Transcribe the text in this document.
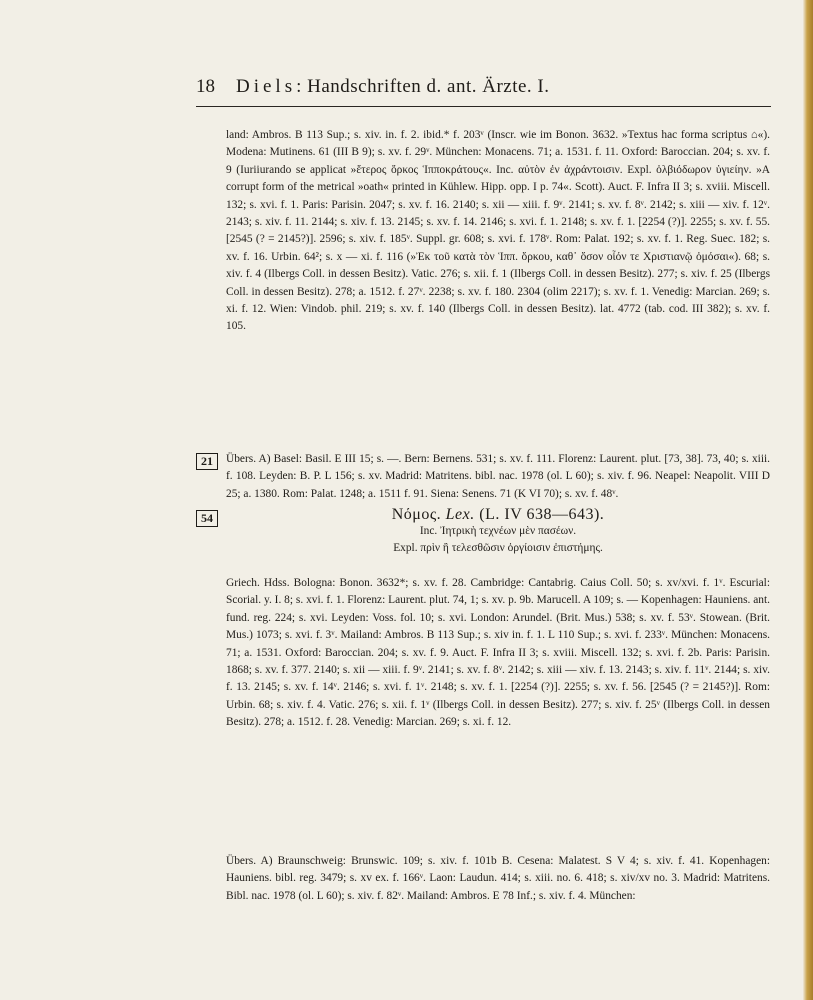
18 Diels: Handschriften d. ant. Ärzte. I.

land: Ambros. B 113 Sup.; s. xiv. in. f. 2. ibid.* f. 203ᵛ (Inscr. wie im Bonon. 3632. »Textus hac forma scriptus ⌂«). Modena: Mutinens. 61 (III B 9); s. xv. f. 29ᵛ. München: Monacens. 71; a. 1531. f. 11. Oxford: Baroccian. 204; s. xv. f. 9 (Iuriiurando se applicat »ἕτερος ὅρκος Ἱπποκράτους«. Inc. αὐτὸν ἐν ἀχράντοισιν. Expl. ὀλβιόδωρον ὑγιείην. »A corrupt form of the metrical »oath« printed in Kühlew. Hipp. opp. I p. 74«. Scott). Auct. F. Infra II 3; s. xviii. Miscell. 132; s. xvi. f. 1. Paris: Parisin. 2047; s. xv. f. 16. 2140; s. xii — xiii. f. 9ᵛ. 2141; s. xv. f. 8ᵛ. 2142; s. xiii — xiv. f. 12ᵛ. 2143; s. xiv. f. 11. 2144; s. xiv. f. 13. 2145; s. xv. f. 14. 2146; s. xvi. f. 1. 2148; s. xv. f. 1. [2254 (?)]. 2255; s. xv. f. 55. [2545 (? = 2145?)]. 2596; s. xiv. f. 185ᵛ. Suppl. gr. 608; s. xvi. f. 178ᵛ. Rom: Palat. 192; s. xv. f. 1. Reg. Suec. 182; s. xv. f. 16. Urbin. 64²; s. x — xi. f. 116 (»Ἐκ τοῦ κατὰ τὸν Ἱππ. ὅρκου, καθ᾽ ὅσον οἷόν τε Χριστιανῷ ὀμόσαι«). 68; s. xiv. f. 4 (Ilbergs Coll. in dessen Besitz). Vatic. 276; s. xii. f. 1 (Ilbergs Coll. in dessen Besitz). 277; s. xiv. f. 25 (Ilbergs Coll. in dessen Besitz). 278; a. 1512. f. 27ᵛ. 2238; s. xv. f. 180. 2304 (olim 2217); s. xv. f. 1. Venedig: Marcian. 269; s. xi. f. 12. Wien: Vindob. phil. 219; s. xv. f. 140 (Ilbergs Coll. in dessen Besitz). lat. 4772 (tab. cod. III 382); s. xv. f. 105.

21	Übers. A) Basel: Basil. E III 15; s. —. Bern: Bernens. 531; s. xv. f. 111. Florenz: Laurent. plut. [73, 38]. 73, 40; s. xiii. f. 108. Leyden: B. P. L 156; s. xv. Madrid: Matritens. bibl. nac. 1978 (ol. L 60); s. xiv. f. 96. Neapel: Neapolit. VIII D 25; a. 1380. Rom: Palat. 1248; a. 1511 f. 91. Siena: Senens. 71 (K VI 70); s. xv. f. 48ᵛ.

54	Νόμος. Lex. (L. IV 638—643).
Inc. Ἰητρικὴ τεχνέων μὲν πασέων.
Expl. πρὶν ἢ τελεσθῶσιν ὀργίοισιν ἐπιστήμης.

Griech. Hdss. Bologna: Bonon. 3632*; s. xv. f. 28. Cambridge: Cantabrig. Caius Coll. 50; s. xv/xvi. f. 1ᵛ. Escurial: Scorial. y. I. 8; s. xvi. f. 1. Florenz: Laurent. plut. 74, 1; s. xv. p. 9b. Marucell. A 109; s. — Kopenhagen: Hauniens. ant. fund. reg. 224; s. xvi. Leyden: Voss. fol. 10; s. xvi. London: Arundel. (Brit. Mus.) 538; s. xv. f. 53ᵛ. Stowean. (Brit. Mus.) 1073; s. xvi. f. 3ᵛ. Mailand: Ambros. B 113 Sup.; s. xiv in. f. 1. L 110 Sup.; s. xvi. f. 233ᵛ. München: Monacens. 71; a. 1531. Oxford: Baroccian. 204; s. xv. f. 9. Auct. F. Infra II 3; s. xviii. Miscell. 132; s. xvi. f. 2b. Paris: Parisin. 1868; s. xv. f. 377. 2140; s. xii — xiii. f. 9ᵛ. 2141; s. xv. f. 8ᵛ. 2142; s. xiii — xiv. f. 13. 2143; s. xiv. f. 11ᵛ. 2144; s. xiv. f. 13. 2145; s. xv. f. 14ᵛ. 2146; s. xvi. f. 1ᵛ. 2148; s. xv. f. 1. [2254 (?)]. 2255; s. xv. f. 56. [2545 (? = 2145?)]. Rom: Urbin. 68; s. xiv. f. 4. Vatic. 276; s. xii. f. 1ᵛ (Ilbergs Coll. in dessen Besitz). 277; s. xiv. f. 25ᵛ (Ilbergs Coll. in dessen Besitz). 278; a. 1512. f. 28. Venedig: Marcian. 269; s. xi. f. 12.

Übers. A) Braunschweig: Brunswic. 109; s. xiv. f. 101b B. Cesena: Malatest. S V 4; s. xiv. f. 41. Kopenhagen: Hauniens. bibl. reg. 3479; s. xv ex. f. 166ᵛ. Laon: Laudun. 414; s. xiii. no. 6. 418; s. xiv/xv no. 3. Madrid: Matritens. Bibl. nac. 1978 (ol. L 60); s. xiv. f. 82ᵛ. Mailand: Ambros. E 78 Inf.; s. xiv. f. 4. München:
